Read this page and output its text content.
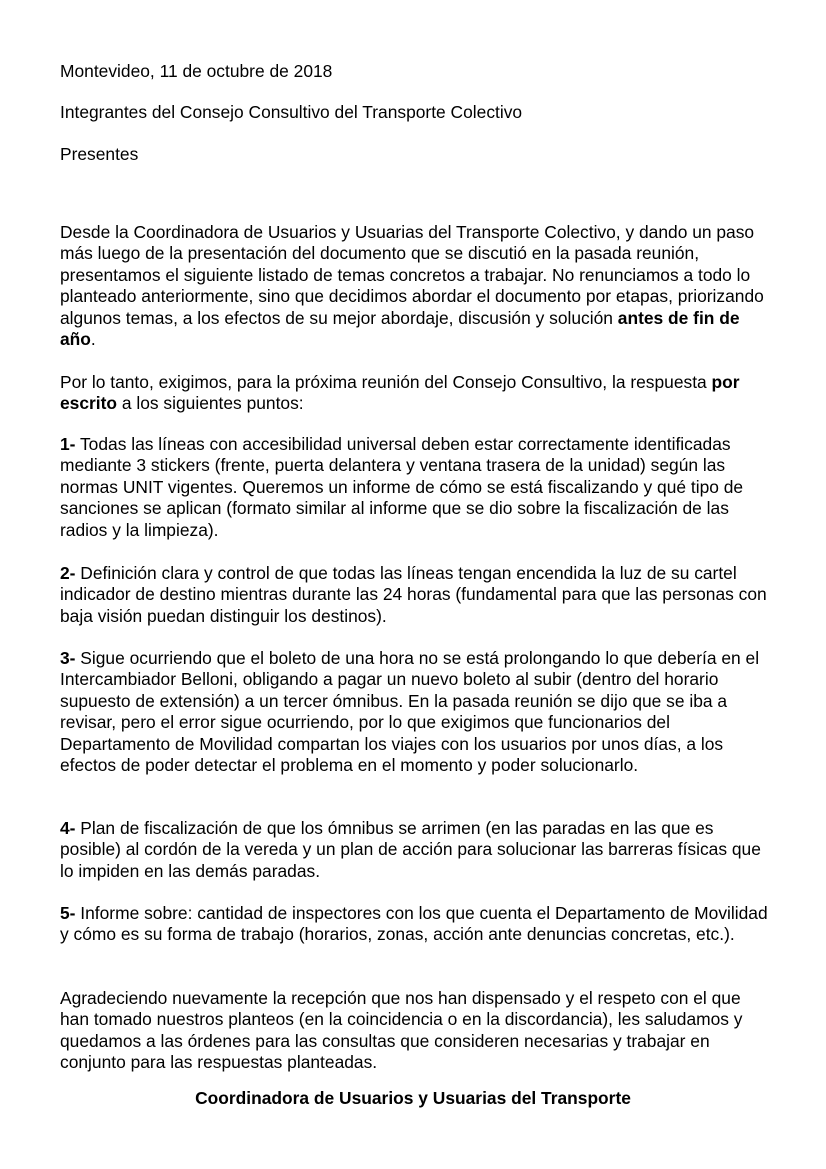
Montevideo, 11 de octubre de 2018
Integrantes del Consejo Consultivo del Transporte Colectivo
Presentes
Desde la Coordinadora de Usuarios y Usuarias del Transporte Colectivo, y dando un paso más luego de la presentación del documento que se discutió en la pasada reunión, presentamos el siguiente listado de temas concretos a trabajar. No renunciamos a todo lo planteado anteriormente, sino que decidimos abordar el documento por etapas, priorizando algunos temas, a los efectos de su mejor abordaje, discusión y solución antes de fin de año.
Por lo tanto, exigimos, para la próxima reunión del Consejo Consultivo, la respuesta por escrito a los siguientes puntos:
1- Todas las líneas con accesibilidad universal deben estar correctamente identificadas mediante 3 stickers (frente, puerta delantera y ventana trasera de la unidad) según las normas UNIT vigentes. Queremos un informe de cómo se está fiscalizando y qué tipo de sanciones se aplican (formato similar al informe que se dio sobre la fiscalización de las radios y la limpieza).
2- Definición clara y control de que todas las líneas tengan encendida la luz de su cartel indicador de destino mientras durante las 24 horas (fundamental para que las personas con baja visión puedan distinguir los destinos).
3- Sigue ocurriendo que el boleto de una hora no se está prolongando lo que debería en el Intercambiador Belloni, obligando a pagar un nuevo boleto al subir (dentro del horario supuesto de extensión) a un tercer ómnibus. En la pasada reunión se dijo que se iba a revisar, pero el error sigue ocurriendo, por lo que exigimos que funcionarios del Departamento de Movilidad compartan los viajes con los usuarios por unos días, a los efectos de poder detectar el problema en el momento y poder solucionarlo.
4- Plan de fiscalización de que los ómnibus se arrimen (en las paradas en las que es posible) al cordón de la vereda y un plan de acción para solucionar las barreras físicas que lo impiden en las demás paradas.
5- Informe sobre: cantidad de inspectores con los que cuenta el Departamento de Movilidad y cómo es su forma de trabajo (horarios, zonas, acción ante denuncias concretas, etc.).
Agradeciendo nuevamente la recepción que nos han dispensado y el respeto con el que han tomado nuestros planteos (en la coincidencia o en la discordancia), les saludamos y quedamos a las órdenes para las consultas que consideren necesarias y trabajar en conjunto para las respuestas planteadas.
Coordinadora de Usuarios y Usuarias del Transporte
